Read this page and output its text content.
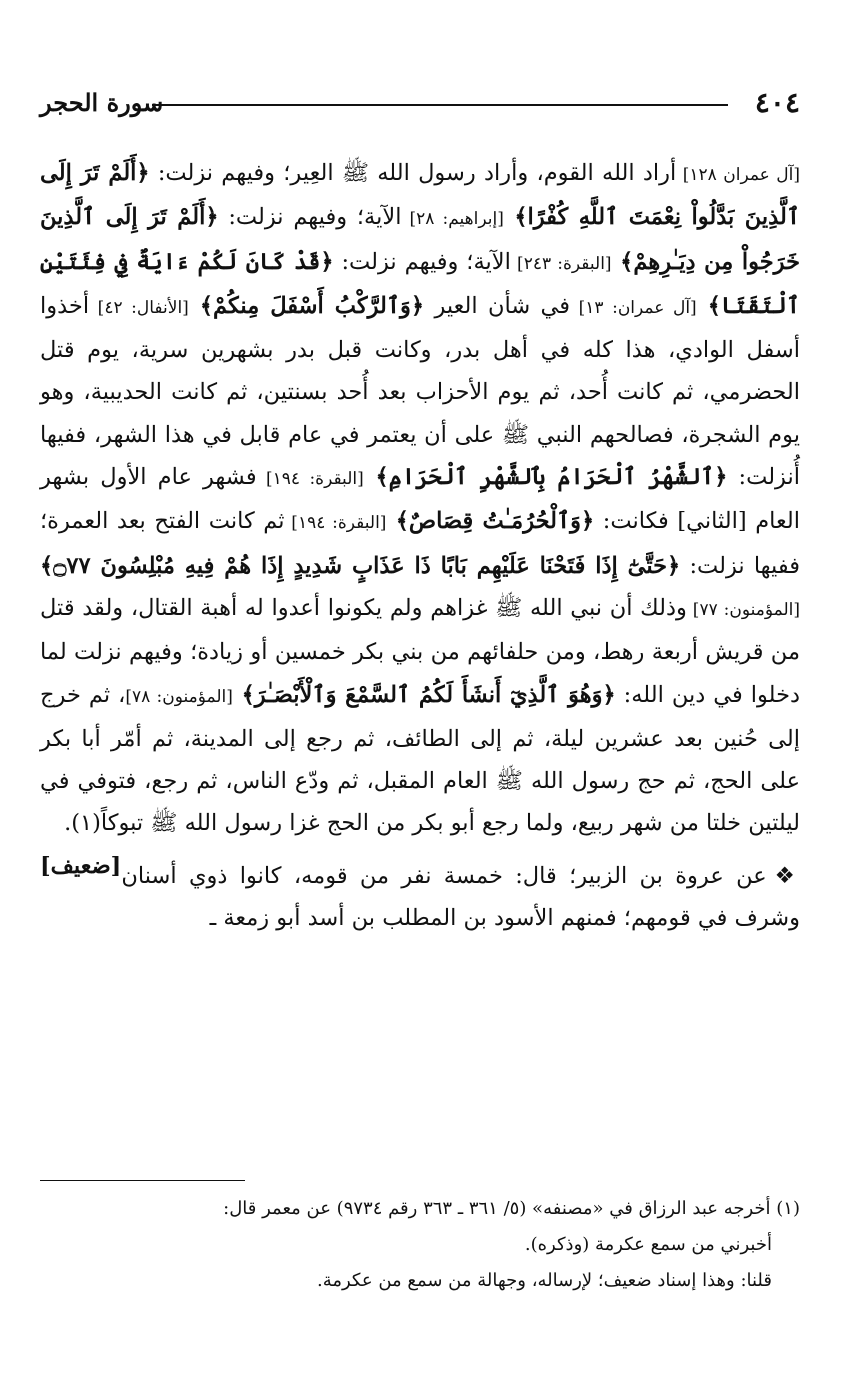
٤٠٤
سورة الحجر

[آل عمران ١٢٨] أراد الله القوم، وأراد رسول الله ﷺ العِير؛ وفيهم نزلت: ﴿أَلَمْ تَرَ إِلَى ٱلَّذِينَ بَدَّلُواْ نِعْمَتَ ٱللَّهِ كُفْرًا﴾ [إبراهيم: ٢٨] الآية؛ وفيهم نزلت: ﴿أَلَمْ تَرَ إِلَى ٱلَّذِينَ خَرَجُواْ مِن دِيَـٰرِهِمْ﴾ [البقرة: ٢٤٣] الآية؛ وفيهم نزلت: ﴿قَدْ كَانَ لَكُمْ ءَايَةٌ فِي فِئَتَيْنِ ٱلْتَقَتَا﴾ [آل عمران: ١٣] في شأن العير ﴿وَٱلرَّكْبُ أَسْفَلَ مِنكُمْ﴾ [الأنفال: ٤٢] أخذوا أسفل الوادي، هذا كله في أهل بدر، وكانت قبل بدر بشهرين سرية، يوم قتل الحضرمي، ثم كانت أُحد، ثم يوم الأحزاب بعد أُحد بسنتين، ثم كانت الحديبية، وهو يوم الشجرة، فصالحهم النبي ﷺ على أن يعتمر في عام قابل في هذا الشهر، ففيها أُنزلت: ﴿ٱلشَّهْرُ ٱلْحَرَامُ بِٱلشَّهْرِ ٱلْحَرَامِ﴾ [البقرة: ١٩٤] فشهر عام الأول بشهر العام [الثاني] فكانت: ﴿وَٱلْحُرُمَـٰتُ قِصَاصٌ﴾ [البقرة: ١٩٤] ثم كانت الفتح بعد العمرة؛ ففيها نزلت: ﴿حَتَّىٰٓ إِذَا فَتَحْنَا عَلَيْهِم بَابًا ذَا عَذَابٍ شَدِيدٍ إِذَا هُمْ فِيهِ مُبْلِسُونَ ۝٧٧﴾ [المؤمنون: ٧٧] وذلك أن نبي الله ﷺ غزاهم ولم يكونوا أعدوا له أهبة القتال، ولقد قتل من قريش أربعة رهط، ومن حلفائهم من بني بكر خمسين أو زيادة؛ وفيهم نزلت لما دخلوا في دين الله: ﴿وَهُوَ ٱلَّذِيٓ أَنشَأَ لَكُمُ ٱلسَّمْعَ وَٱلْأَبْصَـٰرَ﴾ [المؤمنون: ٧٨]، ثم خرج إلى حُنين بعد عشرين ليلة، ثم إلى الطائف، ثم رجع إلى المدينة، ثم أمّر أبا بكر على الحج، ثم حج رسول الله ﷺ العام المقبل، ثم ودّع الناس، ثم رجع، فتوفي في ليلتين خلتا من شهر ربيع، ولما رجع أبو بكر من الحج غزا رسول الله ﷺ تبوكاً(١).
[ضعيف]	❖عن عروة بن الزبير؛ قال: خمسة نفر من قومه، كانوا ذوي أسنان وشرف في قومهم؛ فمنهم الأسود بن المطلب بن أسد أبو زمعة ـ

(١) أخرجه عبد الرزاق في «مصنفه» (٥/ ٣٦١ ـ ٣٦٣ رقم ٩٧٣٤) عن معمر قال:

أخبرني من سمع عكرمة (وذكره).

قلنا: وهذا إسناد ضعيف؛ لإرساله، وجهالة من سمع من عكرمة.
